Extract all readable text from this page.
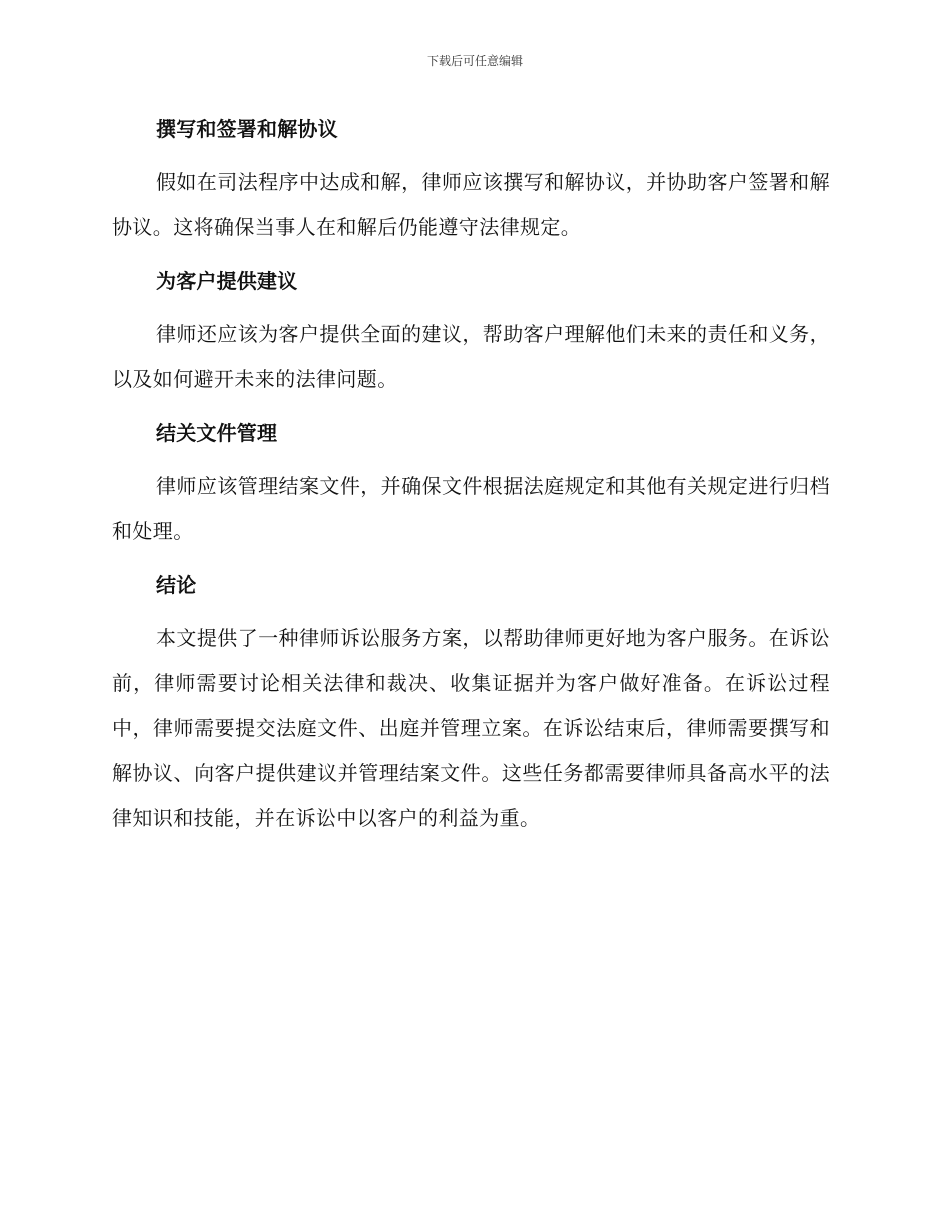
下载后可任意编辑
撰写和签署和解协议

假如在司法程序中达成和解，律师应该撰写和解协议，并协助客户签署和解协议。这将确保当事人在和解后仍能遵守法律规定。

为客户提供建议

律师还应该为客户提供全面的建议，帮助客户理解他们未来的责任和义务，以及如何避开未来的法律问题。

结关文件管理

律师应该管理结案文件，并确保文件根据法庭规定和其他有关规定进行归档和处理。

结论

本文提供了一种律师诉讼服务方案，以帮助律师更好地为客户服务。在诉讼前，律师需要讨论相关法律和裁决、收集证据并为客户做好准备。在诉讼过程中，律师需要提交法庭文件、出庭并管理立案。在诉讼结束后，律师需要撰写和解协议、向客户提供建议并管理结案文件。这些任务都需要律师具备高水平的法律知识和技能，并在诉讼中以客户的利益为重。
